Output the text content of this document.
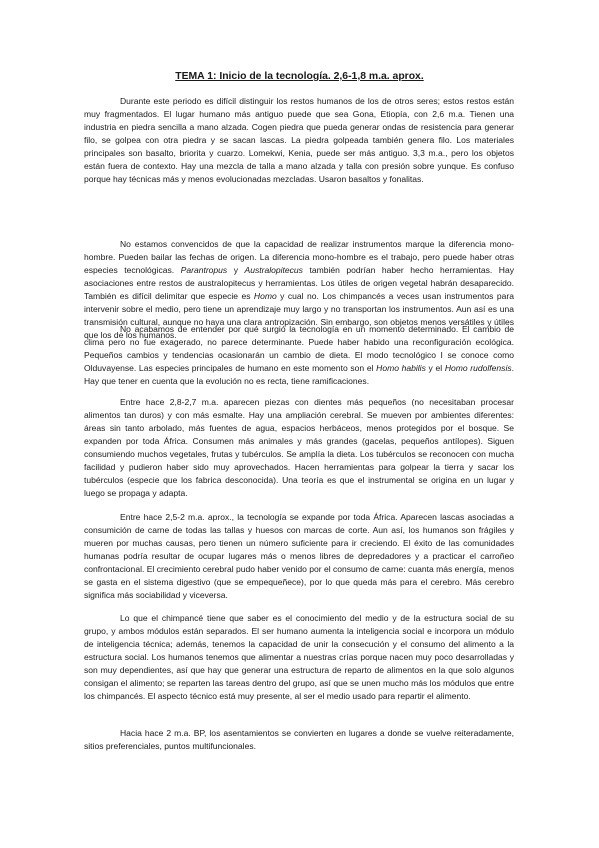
TEMA 1: Inicio de la tecnología. 2,6-1,8 m.a. aprox.

Durante este periodo es difícil distinguir los restos humanos de los de otros seres; estos restos están muy fragmentados. El lugar humano más antiguo puede que sea Gona, Etiopía, con 2,6 m.a. Tienen una industria en piedra sencilla a mano alzada. Cogen piedra que pueda generar ondas de resistencia para generar filo, se golpea con otra piedra y se sacan lascas. La piedra golpeada también genera filo. Los materiales principales son basalto, briorita y cuarzo. Lomekwi, Kenia, puede ser más antiguo. 3,3 m.a., pero los objetos están fuera de contexto. Hay una mezcla de talla a mano alzada y talla con presión sobre yunque. Es confuso porque hay técnicas más y menos evolucionadas mezcladas. Usaron basaltos y fonalitas.

No estamos convencidos de que la capacidad de realizar instrumentos marque la diferencia mono-hombre. Pueden bailar las fechas de origen. La diferencia mono-hombre es el trabajo, pero puede haber otras especies tecnológicas. Parantropus y Australopitecus también podrían haber hecho herramientas. Hay asociaciones entre restos de australopitecus y herramientas. Los útiles de origen vegetal habrán desaparecido. También es difícil delimitar que especie es Homo y cual no. Los chimpancés a veces usan instrumentos para intervenir sobre el medio, pero tiene un aprendizaje muy largo y no transportan los instrumentos. Aun así es una transmisión cultural, aunque no haya una clara antropización. Sin embargo, son objetos menos versátiles y útiles que los de los humanos.

No acabamos de entender por qué surgió la tecnología en un momento determinado. El cambio de clima pero no fue exagerado, no parece determinante. Puede haber habido una reconfiguración ecológica. Pequeños cambios y tendencias ocasionarán un cambio de dieta. El modo tecnológico I se conoce como Olduvayense. Las especies principales de humano en este momento son el Homo habilis y el Homo rudolfensis. Hay que tener en cuenta que la evolución no es recta, tiene ramificaciones.

Entre hace 2,8-2,7 m.a. aparecen piezas con dientes más pequeños (no necesitaban procesar alimentos tan duros) y con más esmalte. Hay una ampliación cerebral. Se mueven por ambientes diferentes: áreas sin tanto arbolado, más fuentes de agua, espacios herbáceos, menos protegidos por el bosque. Se expanden por toda África. Consumen más animales y más grandes (gacelas, pequeños antílopes). Siguen consumiendo muchos vegetales, frutas y tubérculos. Se amplía la dieta. Los tubérculos se reconocen con mucha facilidad y pudieron haber sido muy aprovechados. Hacen herramientas para golpear la tierra y sacar los tubérculos (especie que los fabrica desconocida). Una teoría es que el instrumental se origina en un lugar y luego se propaga y adapta.

Entre hace 2,5-2 m.a. aprox., la tecnología se expande por toda África. Aparecen lascas asociadas a consumición de carne de todas las tallas y huesos con marcas de corte. Aun así, los humanos son frágiles y mueren por muchas causas, pero tienen un número suficiente para ir creciendo. El éxito de las comunidades humanas podría resultar de ocupar lugares más o menos libres de depredadores y a practicar el carroñeo confrontacional. El crecimiento cerebral pudo haber venido por el consumo de carne: cuanta más energía, menos se gasta en el sistema digestivo (que se empequeñece), por lo que queda más para el cerebro. Más cerebro significa más sociabilidad y viceversa.

Lo que el chimpancé tiene que saber es el conocimiento del medio y de la estructura social de su grupo, y ambos módulos están separados. El ser humano aumenta la inteligencia social e incorpora un módulo de inteligencia técnica; además, tenemos la capacidad de unir la consecución y el consumo del alimento a la estructura social. Los humanos tenemos que alimentar a nuestras crías porque nacen muy poco desarrolladas y son muy dependientes, así que hay que generar una estructura de reparto de alimentos en la que solo algunos consigan el alimento; se reparten las tareas dentro del grupo, así que se unen mucho más los módulos que entre los chimpancés. El aspecto técnico está muy presente, al ser el medio usado para repartir el alimento.

Hacia hace 2 m.a. BP, los asentamientos se convierten en lugares a donde se vuelve reiteradamente, sitios preferenciales, puntos multifuncionales.
